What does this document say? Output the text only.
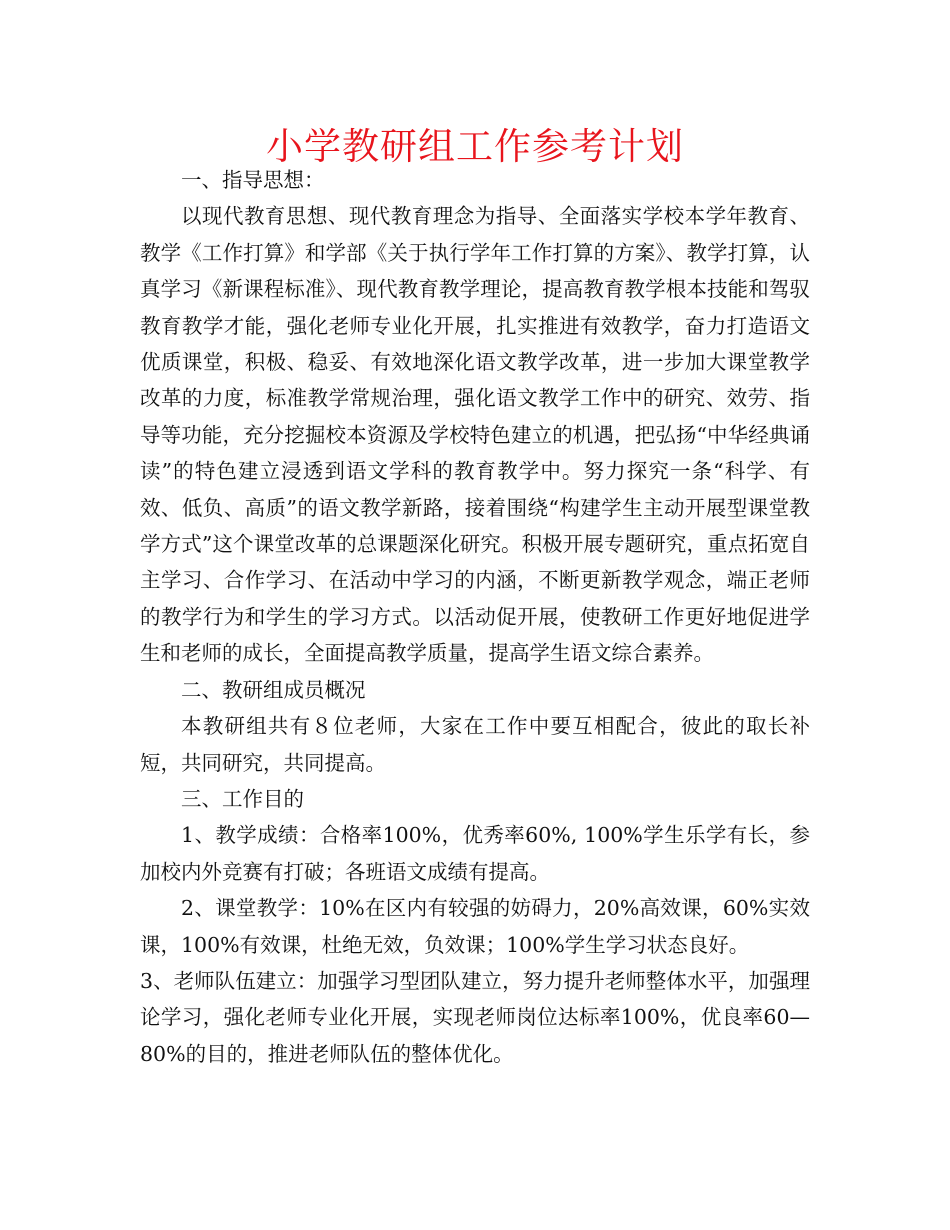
小学教研组工作参考计划

一、指导思想：

以现代教育思想、现代教育理念为指导、全面落实学校本学年教育、教学《工作打算》和学部《关于执行学年工作打算的方案》、教学打算，认真学习《新课程标准》、现代教育教学理论，提高教育教学根本技能和驾驭教育教学才能，强化老师专业化开展，扎实推进有效教学，奋力打造语文优质课堂，积极、稳妥、有效地深化语文教学改革，进一步加大课堂教学改革的力度，标准教学常规治理，强化语文教学工作中的研究、效劳、指导等功能，充分挖掘校本资源及学校特色建立的机遇，把弘扬“中华经典诵读”的特色建立浸透到语文学科的教育教学中。努力探究一条“科学、有效、低负、高质”的语文教学新路，接着围绕“构建学生主动开展型课堂教学方式”这个课堂改革的总课题深化研究。积极开展专题研究，重点拓宽自主学习、合作学习、在活动中学习的内涵，不断更新教学观念，端正老师的教学行为和学生的学习方式。以活动促开展，使教研工作更好地促进学生和老师的成长，全面提高教学质量，提高学生语文综合素养。

二、教研组成员概况

本教研组共有８位老师，大家在工作中要互相配合，彼此的取长补短，共同研究，共同提高。

三、工作目的

1、教学成绩：合格率100%，优秀率60%, 100%学生乐学有长，参加校内外竞赛有打破；各班语文成绩有提高。

2、课堂教学：10%在区内有较强的妨碍力，20%高效课，60%实效课，100%有效课，杜绝无效，负效课；100%学生学习状态良好。

3、老师队伍建立：加强学习型团队建立，努力提升老师整体水平，加强理论学习，强化老师专业化开展，实现老师岗位达标率100%，优良率60—80%的目的，推进老师队伍的整体优化。
